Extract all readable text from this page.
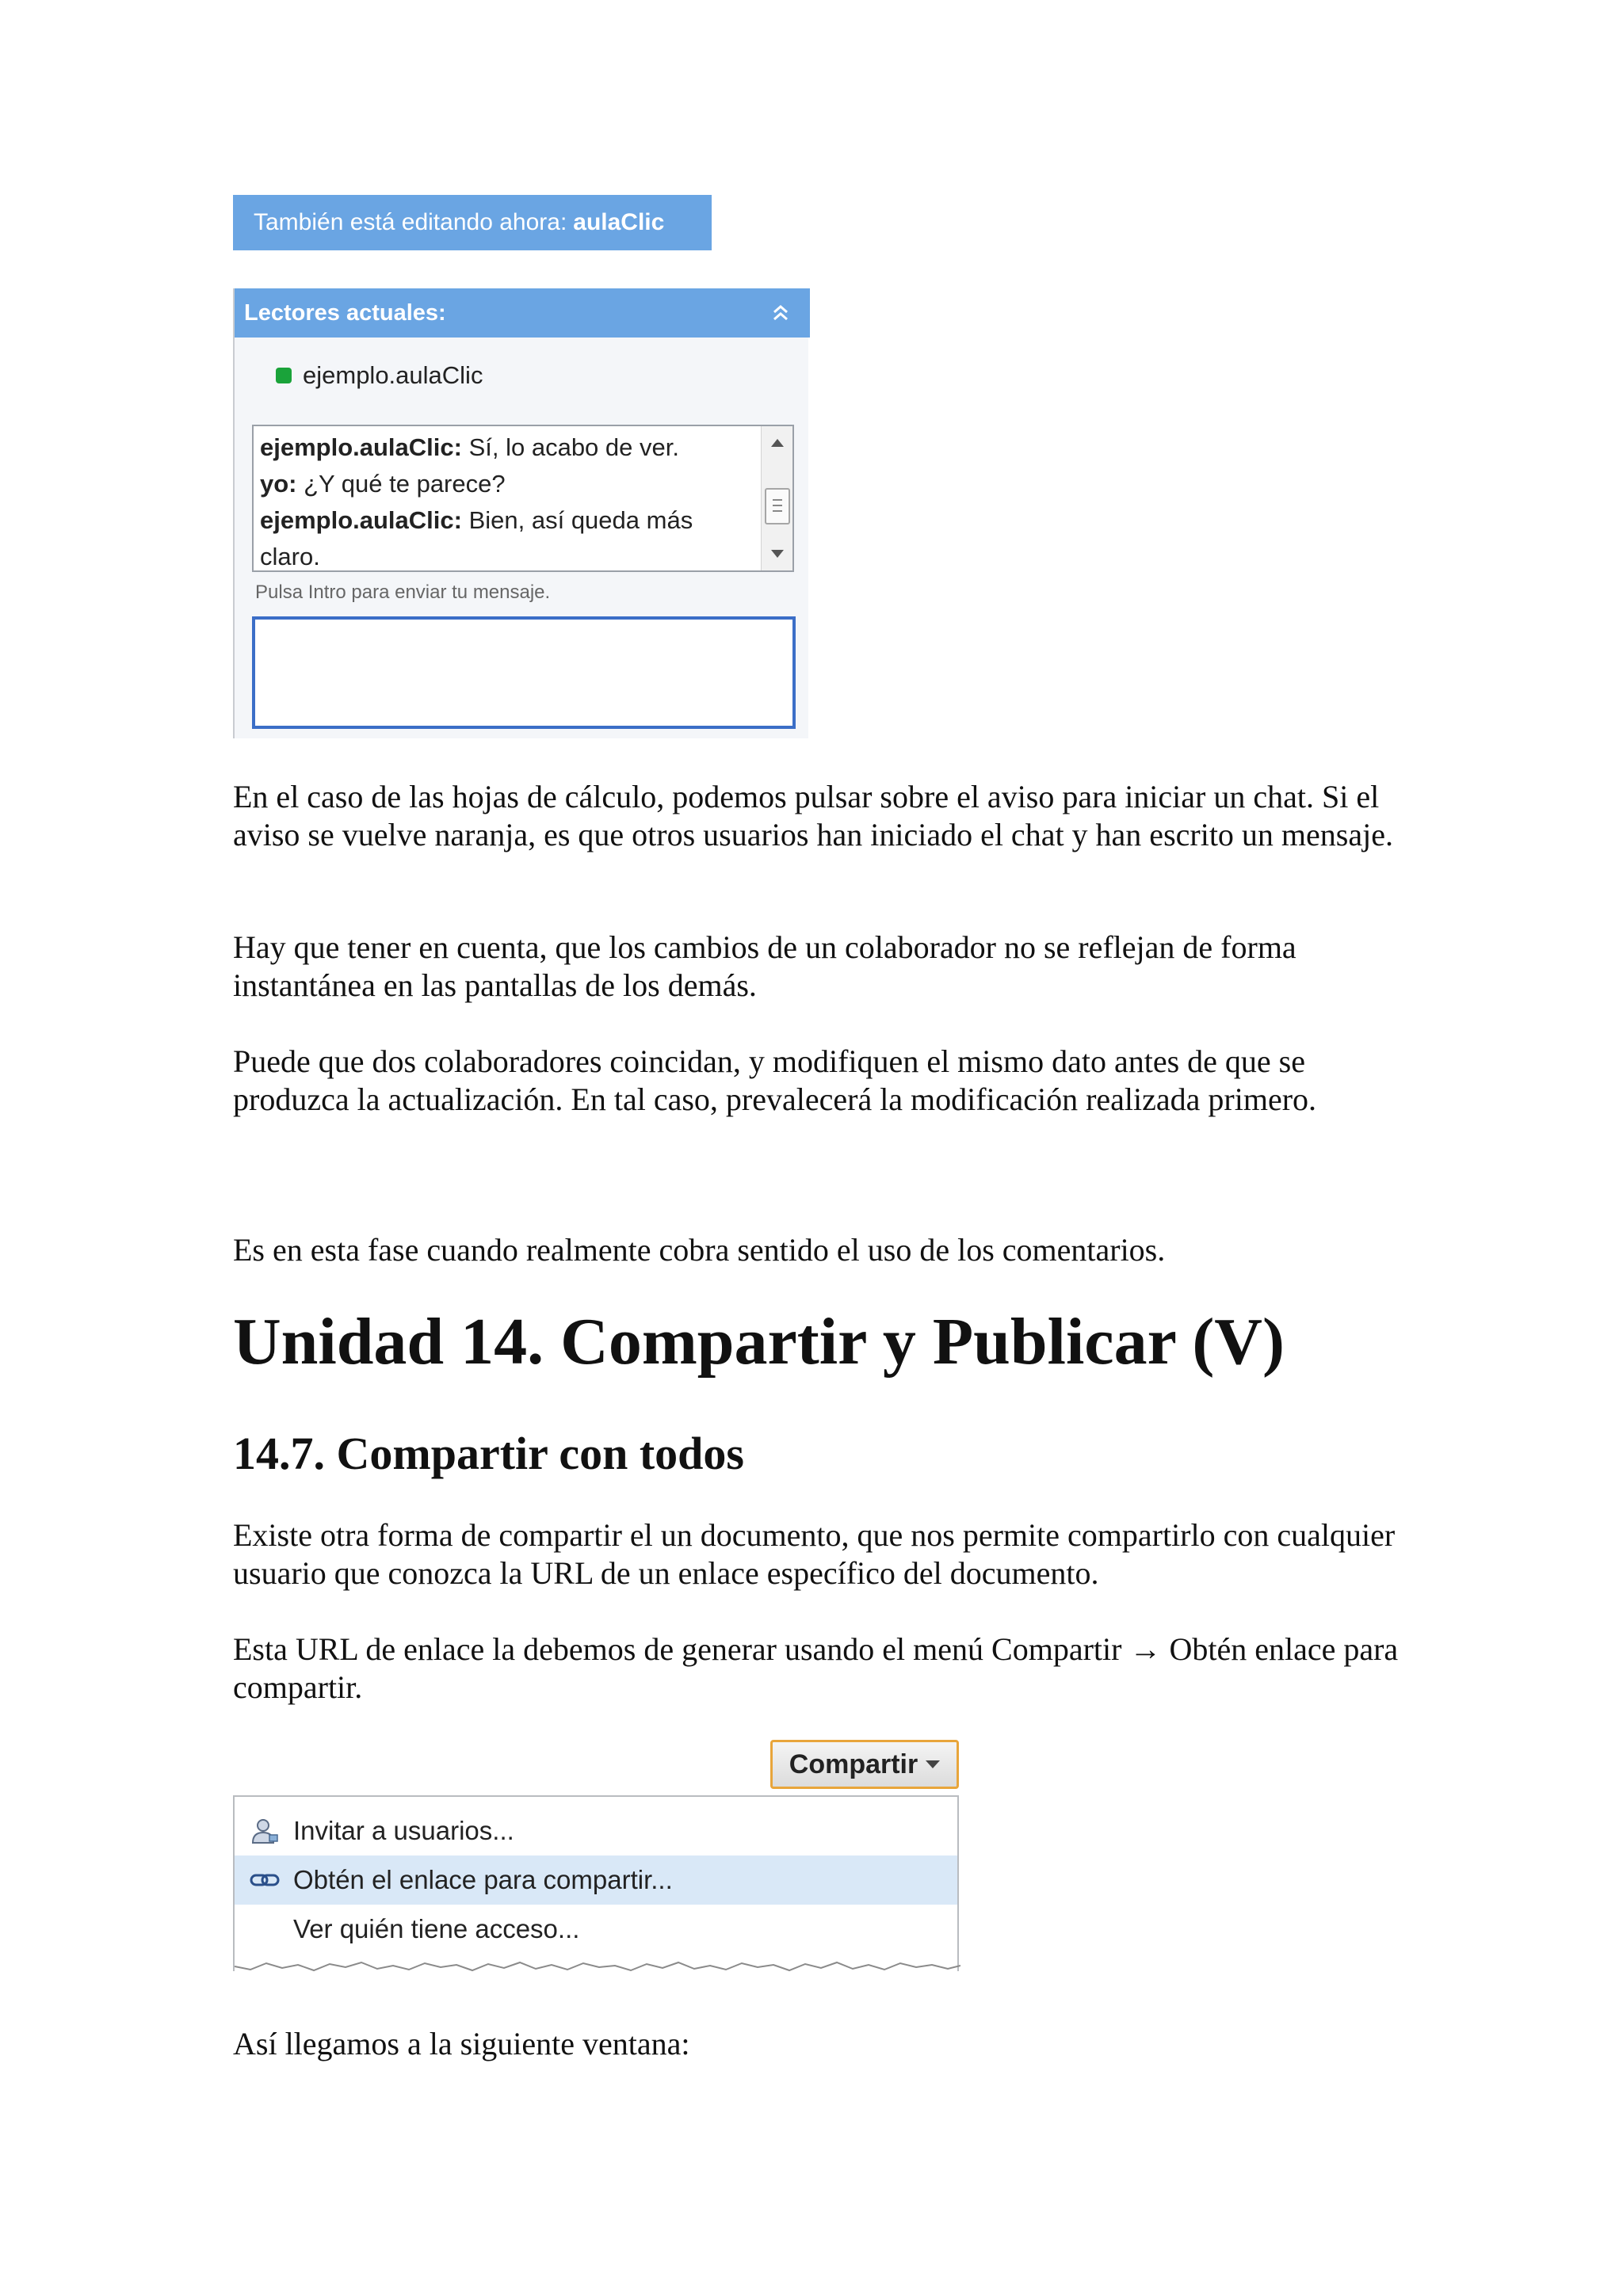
También está editando ahora: aulaClic
Lectores actuales:
ejemplo.aulaClic
ejemplo.aulaClic: Sí, lo acabo de ver.
yo: ¿Y qué te parece?
ejemplo.aulaClic: Bien, así queda más
claro.
Pulsa Intro para enviar tu mensaje.

En el caso de las hojas de cálculo, podemos pulsar sobre el aviso para iniciar un chat. Si el aviso se vuelve naranja, es que otros usuarios han iniciado el chat y han escrito un mensaje.

Hay que tener en cuenta, que los cambios de un colaborador no se reflejan de forma instantánea en las pantallas de los demás.

Puede que dos colaboradores coincidan, y modifiquen el mismo dato antes de que se produzca la actualización. En tal caso, prevalecerá la modificación realizada primero.

Es en esta fase cuando realmente cobra sentido el uso de los comentarios.

Unidad 14. Compartir y Publicar (V)
14.7. Compartir con todos

Existe otra forma de compartir el un documento, que nos permite compartirlo con cualquier usuario que conozca la URL de un enlace específico del documento.

Esta URL de enlace la debemos de generar usando el menú Compartir → Obtén enlace para compartir.

Compartir
Invitar a usuarios...
Obtén el enlace para compartir...
Ver quién tiene acceso...

Así llegamos a la siguiente ventana:
